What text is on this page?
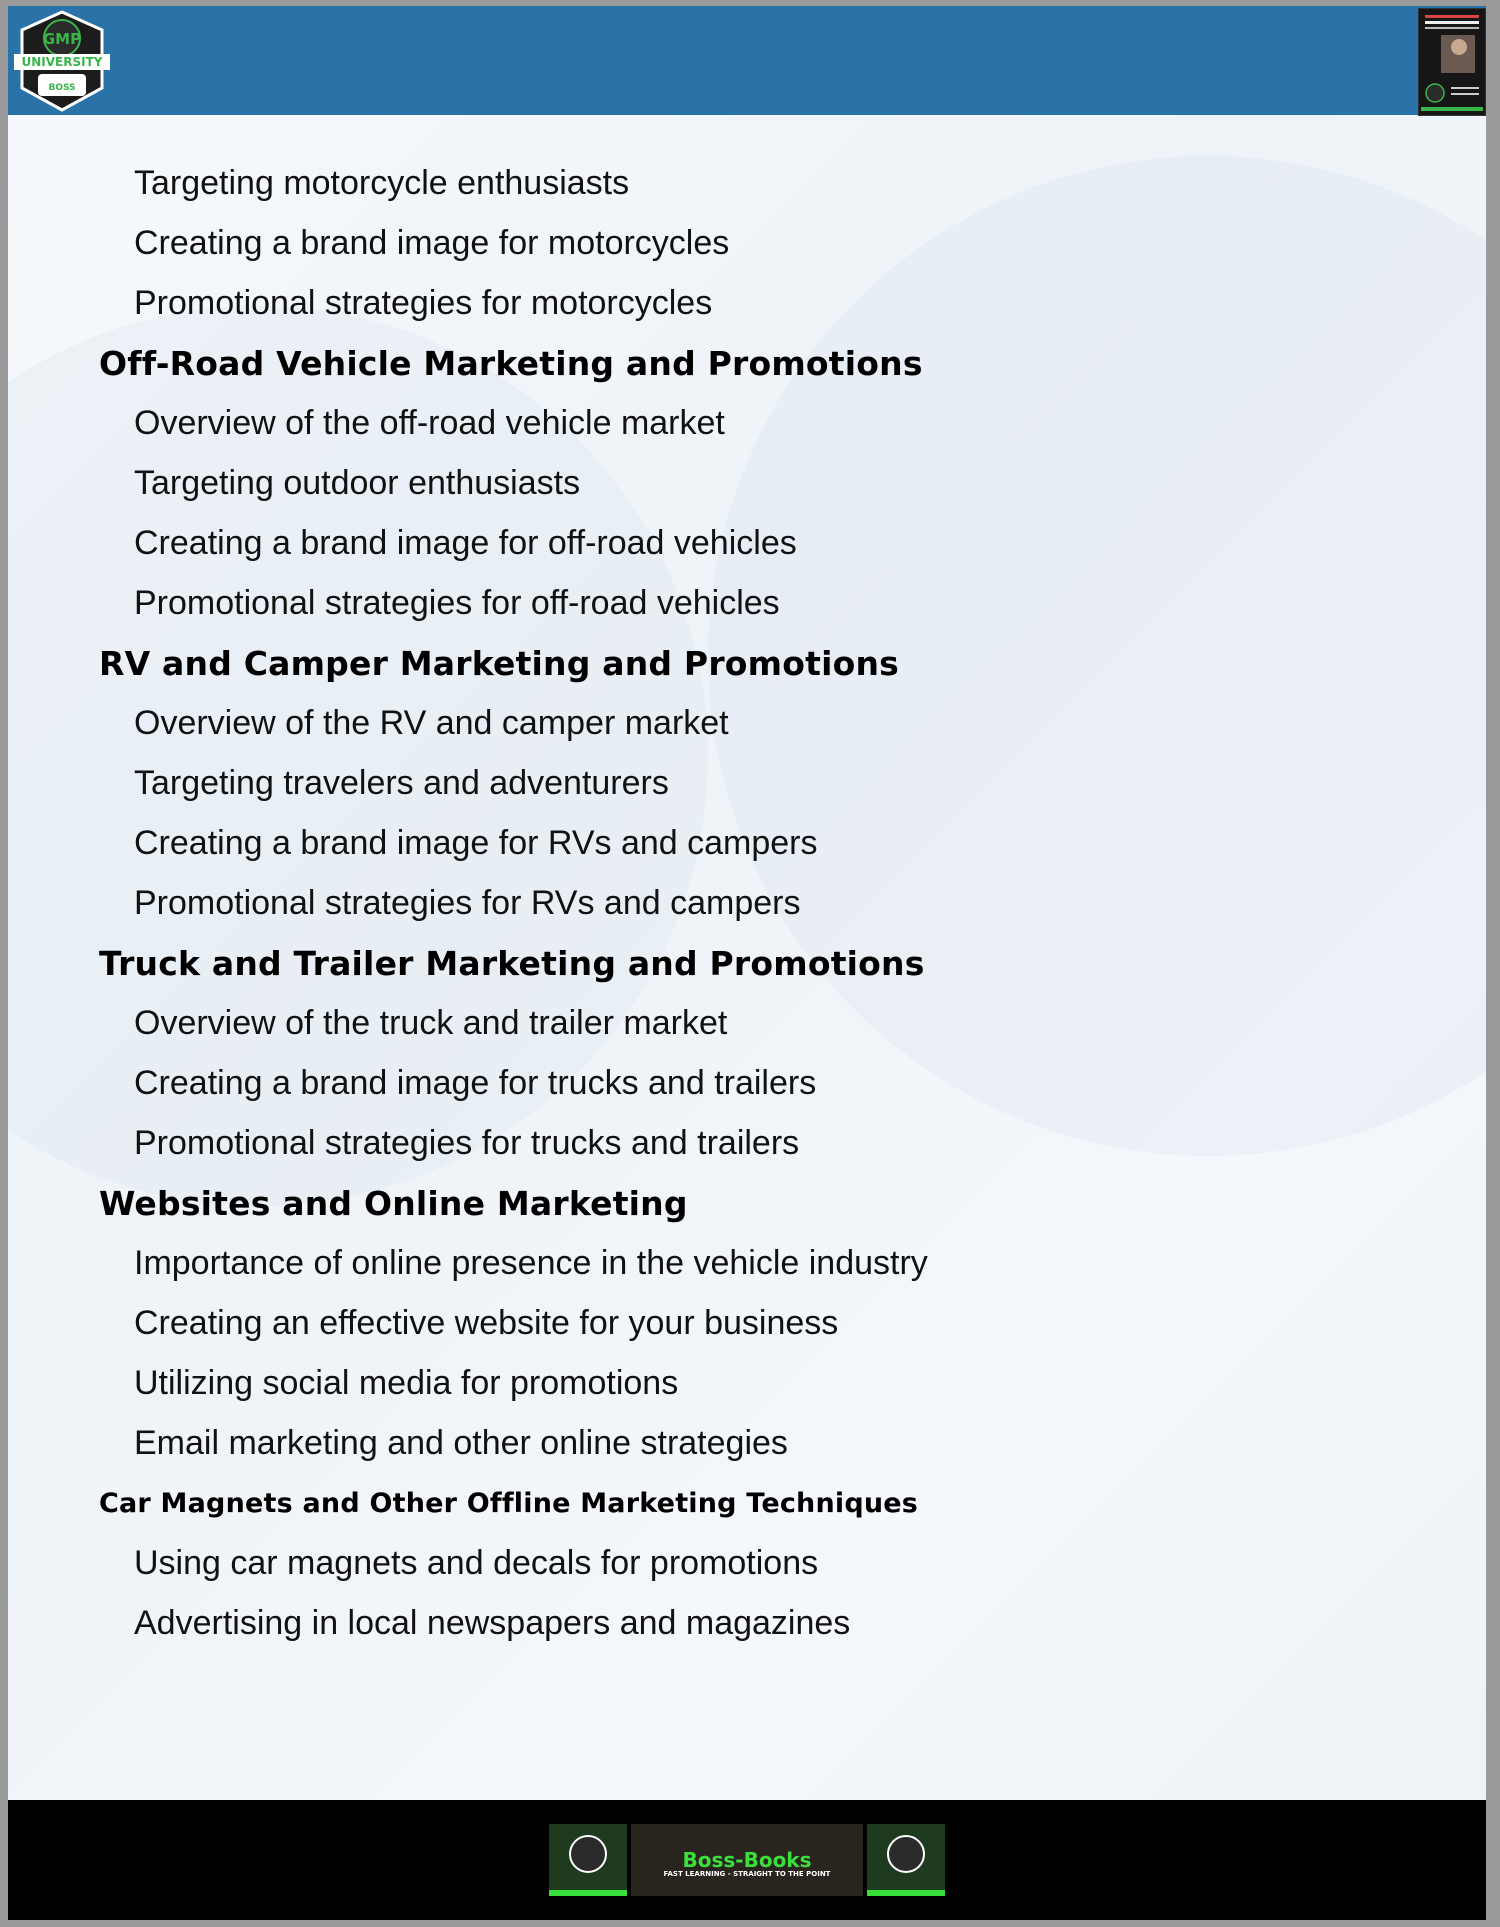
GMP
UNIVERSITY
BOSS
Targeting motorcycle enthusiasts
Creating a brand image for motorcycles
Promotional strategies for motorcycles
Off-Road Vehicle Marketing and Promotions
Overview of the off-road vehicle market
Targeting outdoor enthusiasts
Creating a brand image for off-road vehicles
Promotional strategies for off-road vehicles
RV and Camper Marketing and Promotions
Overview of the RV and camper market
Targeting travelers and adventurers
Creating a brand image for RVs and campers
Promotional strategies for RVs and campers
Truck and Trailer Marketing and Promotions
Overview of the truck and trailer market
Creating a brand image for trucks and trailers
Promotional strategies for trucks and trailers
Websites and Online Marketing
Importance of online presence in the vehicle industry
Creating an effective website for your business
Utilizing social media for promotions
Email marketing and other online strategies
Car Magnets and Other Offline Marketing Techniques
Using car magnets and decals for promotions
Advertising in local newspapers and magazines
Boss-Books
FAST LEARNING - STRAIGHT TO THE POINT
